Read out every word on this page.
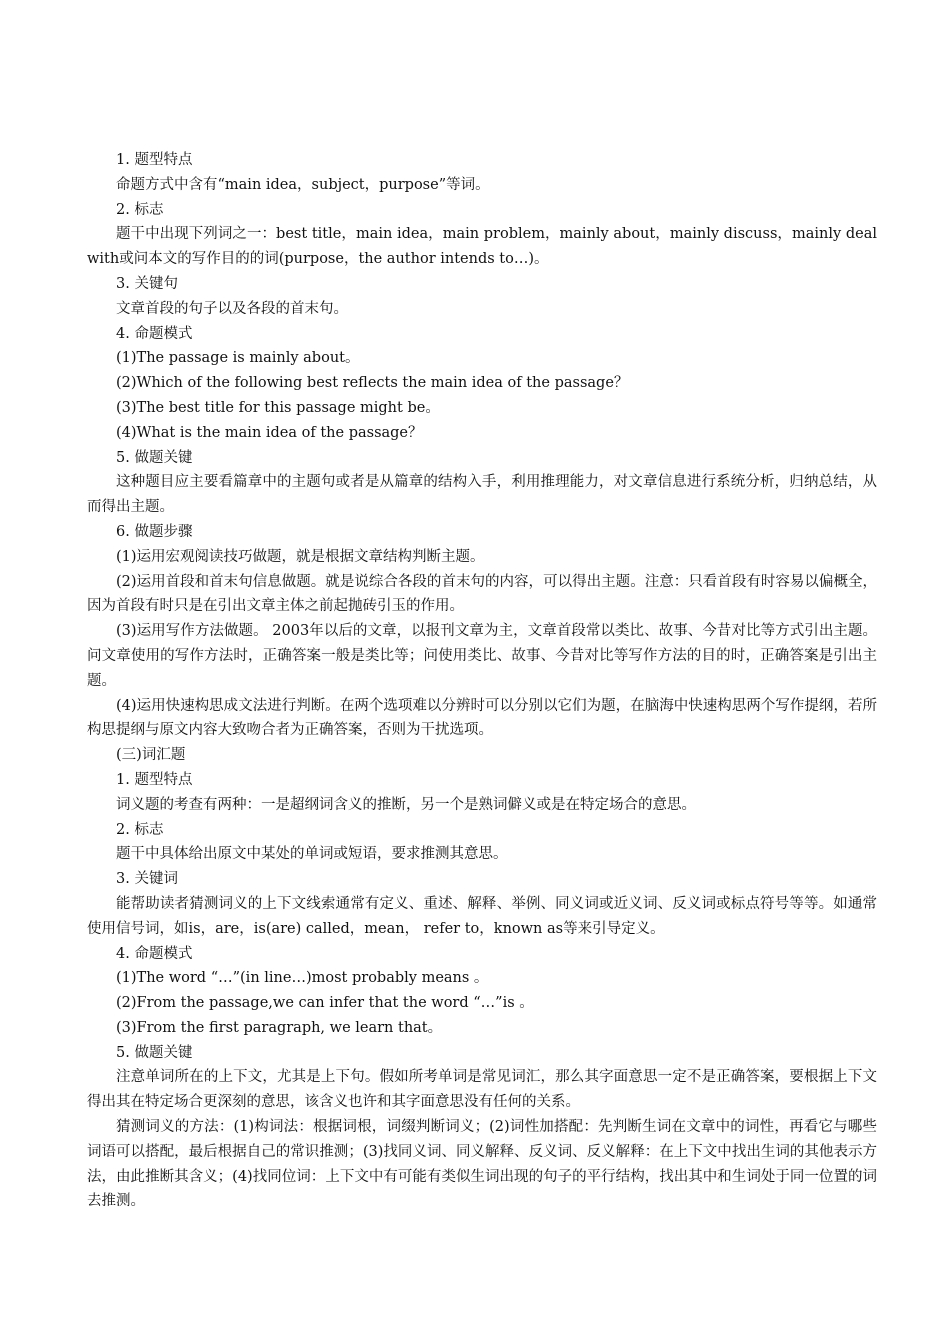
1. 题型特点

命题方式中含有“main idea，subject，purpose”等词。

2. 标志

题干中出现下列词之一：best title，main idea，main problem，mainly about，mainly discuss，mainly deal with或问本文的写作目的的词(purpose，the author intends to…)。

3. 关键句

文章首段的句子以及各段的首末句。

4. 命题模式

(1)The passage is mainly about。

(2)Which of the following best reflects the main idea of the passage？

(3)The best title for this passage might be。

(4)What is the main idea of the passage？

5. 做题关键

这种题目应主要看篇章中的主题句或者是从篇章的结构入手，利用推理能力，对文章信息进行系统分析，归纳总结，从而得出主题。

6. 做题步骤

(1)运用宏观阅读技巧做题，就是根据文章结构判断主题。

(2)运用首段和首末句信息做题。就是说综合各段的首末句的内容，可以得出主题。注意：只看首段有时容易以偏概全，因为首段有时只是在引出文章主体之前起抛砖引玉的作用。

(3)运用写作方法做题。 2003年以后的文章，以报刊文章为主，文章首段常以类比、故事、今昔对比等方式引出主题。问文章使用的写作方法时，正确答案一般是类比等；问使用类比、故事、今昔对比等写作方法的目的时，正确答案是引出主题。

(4)运用快速构思成文法进行判断。在两个选项难以分辨时可以分别以它们为题，在脑海中快速构思两个写作提纲，若所构思提纲与原文内容大致吻合者为正确答案，否则为干扰选项。

(三)词汇题

1. 题型特点

词义题的考查有两种：一是超纲词含义的推断，另一个是熟词僻义或是在特定场合的意思。

2. 标志

题干中具体给出原文中某处的单词或短语，要求推测其意思。

3. 关键词

能帮助读者猜测词义的上下文线索通常有定义、重述、解释、举例、同义词或近义词、反义词或标点符号等等。如通常使用信号词，如is，are，is(are) called，mean， refer to，known as等来引导定义。

4. 命题模式

(1)The word “…”(in line…)most probably means 。

(2)From the passage,we can infer that the word “…”is 。

(3)From the first paragraph, we learn that。

5. 做题关键

注意单词所在的上下文，尤其是上下句。假如所考单词是常见词汇，那么其字面意思一定不是正确答案，要根据上下文得出其在特定场合更深刻的意思，该含义也许和其字面意思没有任何的关系。

猜测词义的方法：(1)构词法：根据词根，词缀判断词义；(2)词性加搭配：先判断生词在文章中的词性，再看它与哪些词语可以搭配，最后根据自己的常识推测；(3)找同义词、同义解释、反义词、反义解释：在上下文中找出生词的其他表示方法，由此推断其含义；(4)找同位词：上下文中有可能有类似生词出现的句子的平行结构，找出其中和生词处于同一位置的词去推测。
